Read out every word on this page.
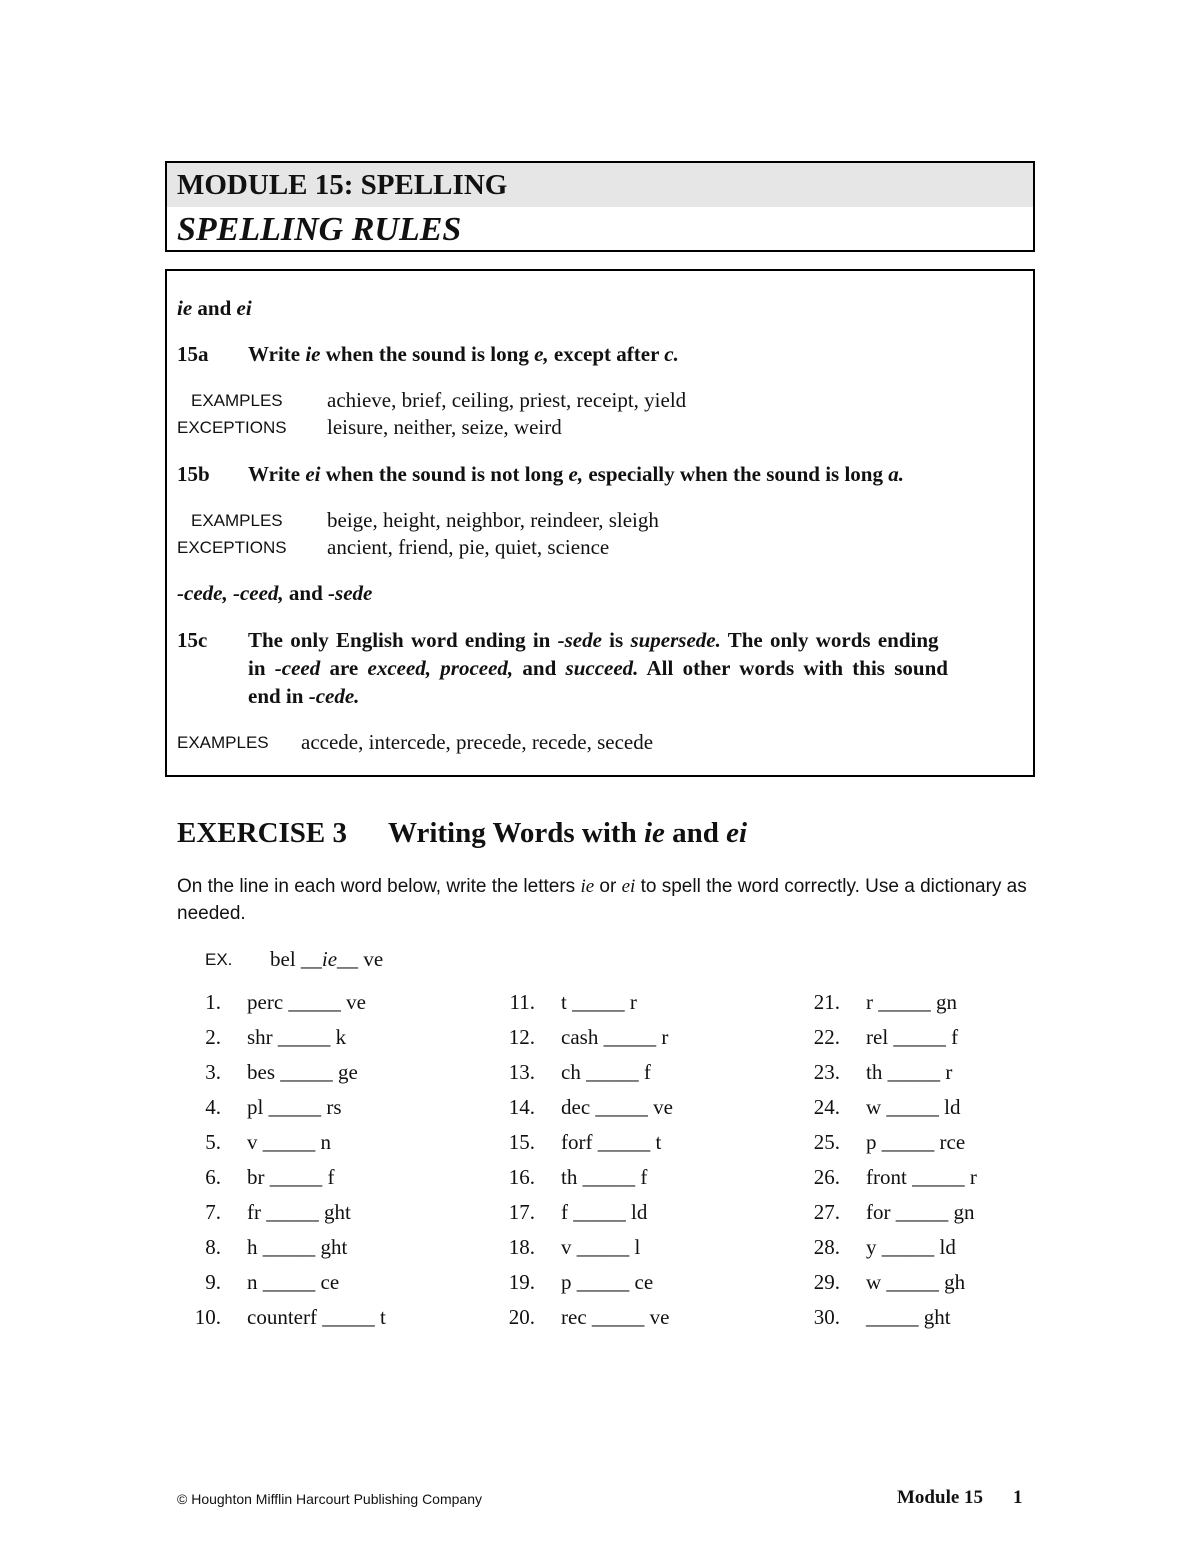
MODULE 15: SPELLING
SPELLING RULES
ie and ei
15a Write ie when the sound is long e, except after c.
EXAMPLES achieve, brief, ceiling, priest, receipt, yield
EXCEPTIONS leisure, neither, seize, weird
15b Write ei when the sound is not long e, especially when the sound is long a.
EXAMPLES beige, height, neighbor, reindeer, sleigh
EXCEPTIONS ancient, friend, pie, quiet, science
-cede, -ceed, and -sede
15c The only English word ending in -sede is supersede. The only words ending
in -ceed are exceed, proceed, and succeed. All other words with this sound
end in -cede.
EXAMPLES accede, intercede, precede, recede, secede
EXERCISE 3 Writing Words with ie and ei
On the line in each word below, write the letters ie or ei to spell the word correctly. Use a dictionary as needed.
EX. bel __ie__ ve
1. perc _____ ve
2. shr _____ k
3. bes _____ ge
4. pl _____ rs
5. v _____ n
6. br _____ f
7. fr _____ ght
8. h _____ ght
9. n _____ ce
10. counterf _____ t
11. t _____ r
12. cash _____ r
13. ch _____ f
14. dec _____ ve
15. forf _____ t
16. th _____ f
17. f _____ ld
18. v _____ l
19. p _____ ce
20. rec _____ ve
21. r _____ gn
22. rel _____ f
23. th _____ r
24. w _____ ld
25. p _____ rce
26. front _____ r
27. for _____ gn
28. y _____ ld
29. w _____ gh
30. _____ ght
© Houghton Mifflin Harcourt Publishing Company	Module 15 1
